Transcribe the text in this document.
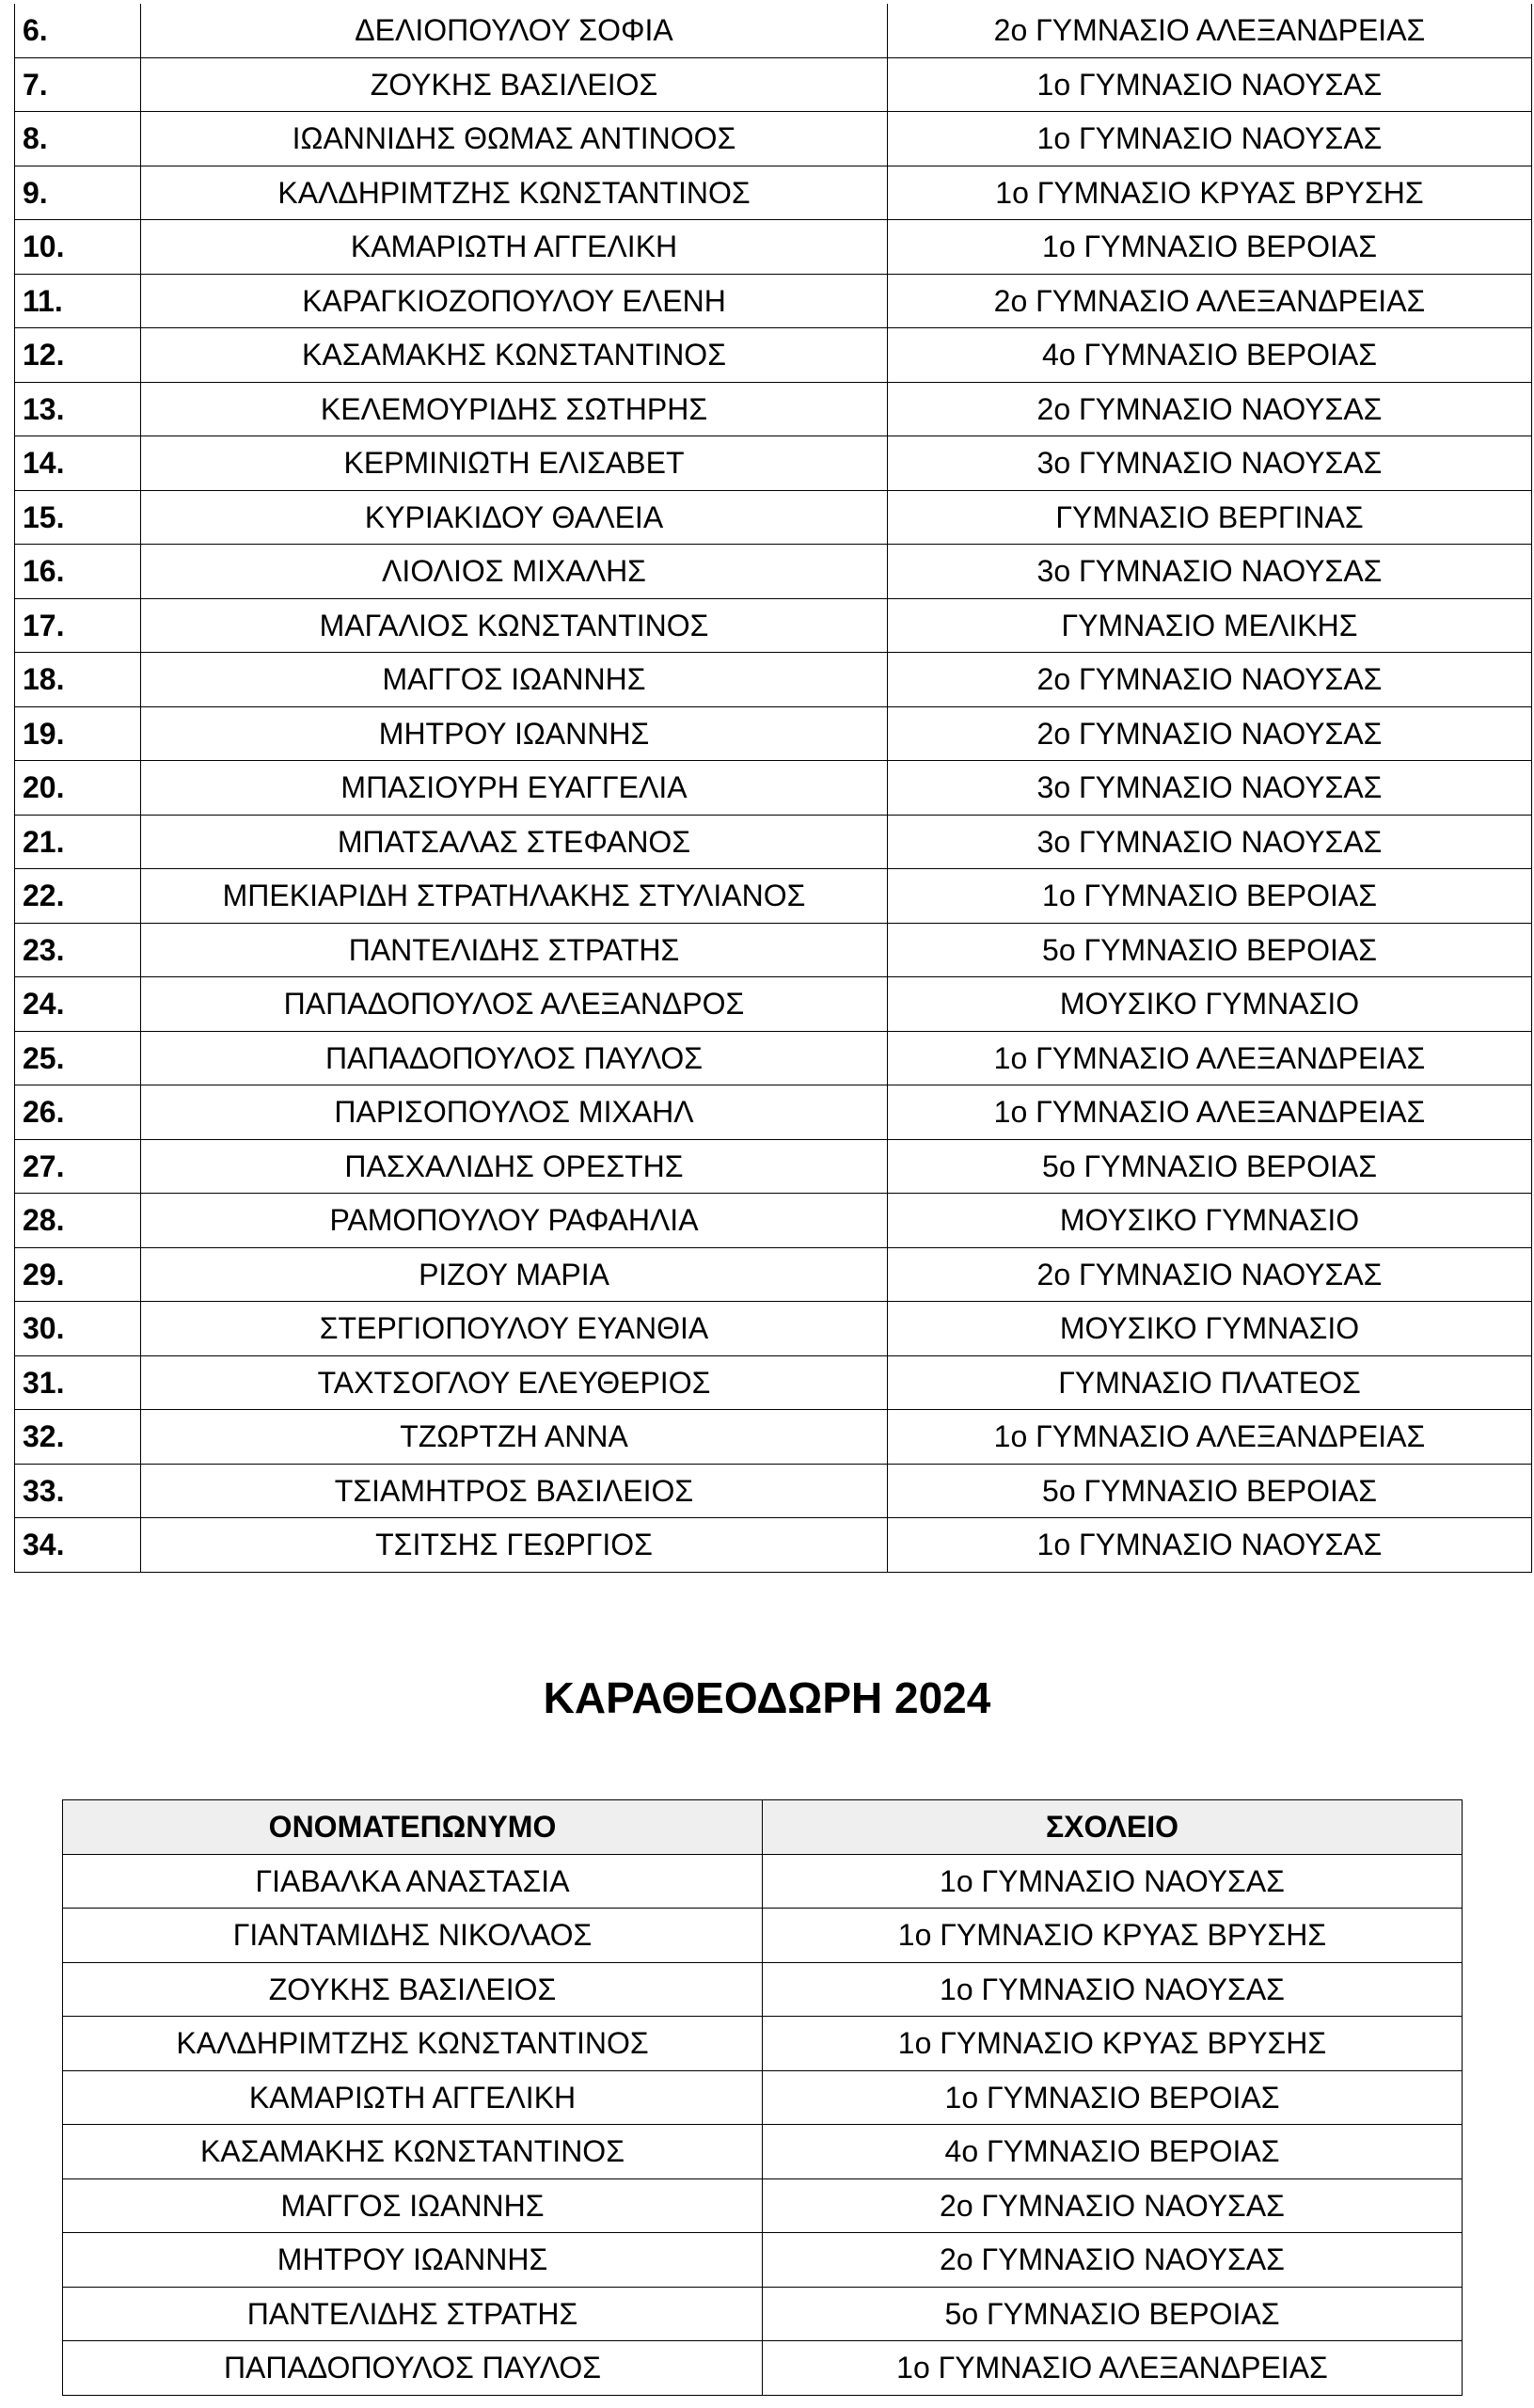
6.	ΔΕΛΙΟΠΟΥΛΟΥ ΣΟΦΙΑ	2ο ΓΥΜΝΑΣΙΟ ΑΛΕΞΑΝΔΡΕΙΑΣ
7.	ΖΟΥΚΗΣ ΒΑΣΙΛΕΙΟΣ	1ο ΓΥΜΝΑΣΙΟ ΝΑΟΥΣΑΣ
8.	ΙΩΑΝΝΙΔΗΣ ΘΩΜΑΣ ΑΝΤΙΝΟΟΣ	1ο ΓΥΜΝΑΣΙΟ ΝΑΟΥΣΑΣ
9.	ΚΑΛΔΗΡΙΜΤΖΗΣ ΚΩΝΣΤΑΝΤΙΝΟΣ	1ο ΓΥΜΝΑΣΙΟ ΚΡΥΑΣ ΒΡΥΣΗΣ
10.	ΚΑΜΑΡΙΩΤΗ ΑΓΓΕΛΙΚΗ	1ο ΓΥΜΝΑΣΙΟ ΒΕΡΟΙΑΣ
11.	ΚΑΡΑΓΚΙΟΖΟΠΟΥΛΟΥ ΕΛΕΝΗ	2ο ΓΥΜΝΑΣΙΟ ΑΛΕΞΑΝΔΡΕΙΑΣ
12.	ΚΑΣΑΜΑΚΗΣ ΚΩΝΣΤΑΝΤΙΝΟΣ	4ο ΓΥΜΝΑΣΙΟ ΒΕΡΟΙΑΣ
13.	ΚΕΛΕΜΟΥΡΙΔΗΣ ΣΩΤΗΡΗΣ	2ο ΓΥΜΝΑΣΙΟ ΝΑΟΥΣΑΣ
14.	ΚΕΡΜΙΝΙΩΤΗ ΕΛΙΣΑΒΕΤ	3ο ΓΥΜΝΑΣΙΟ ΝΑΟΥΣΑΣ
15.	ΚΥΡΙΑΚΙΔΟΥ ΘΑΛΕΙΑ	ΓΥΜΝΑΣΙΟ ΒΕΡΓΙΝΑΣ
16.	ΛΙΟΛΙΟΣ ΜΙΧΑΛΗΣ	3ο ΓΥΜΝΑΣΙΟ ΝΑΟΥΣΑΣ
17.	ΜΑΓΑΛΙΟΣ ΚΩΝΣΤΑΝΤΙΝΟΣ	ΓΥΜΝΑΣΙΟ ΜΕΛΙΚΗΣ
18.	ΜΑΓΓΟΣ ΙΩΑΝΝΗΣ	2ο ΓΥΜΝΑΣΙΟ ΝΑΟΥΣΑΣ
19.	ΜΗΤΡΟΥ ΙΩΑΝΝΗΣ	2ο ΓΥΜΝΑΣΙΟ ΝΑΟΥΣΑΣ
20.	ΜΠΑΣΙΟΥΡΗ ΕΥΑΓΓΕΛΙΑ	3ο ΓΥΜΝΑΣΙΟ ΝΑΟΥΣΑΣ
21.	ΜΠΑΤΣΑΛΑΣ ΣΤΕΦΑΝΟΣ	3ο ΓΥΜΝΑΣΙΟ ΝΑΟΥΣΑΣ
22.	ΜΠΕΚΙΑΡΙΔΗ ΣΤΡΑΤΗΛΑΚΗΣ ΣΤΥΛΙΑΝΟΣ	1ο ΓΥΜΝΑΣΙΟ ΒΕΡΟΙΑΣ
23.	ΠΑΝΤΕΛΙΔΗΣ ΣΤΡΑΤΗΣ	5ο ΓΥΜΝΑΣΙΟ ΒΕΡΟΙΑΣ
24.	ΠΑΠΑΔΟΠΟΥΛΟΣ ΑΛΕΞΑΝΔΡΟΣ	ΜΟΥΣΙΚΟ ΓΥΜΝΑΣΙΟ
25.	ΠΑΠΑΔΟΠΟΥΛΟΣ ΠΑΥΛΟΣ	1ο ΓΥΜΝΑΣΙΟ ΑΛΕΞΑΝΔΡΕΙΑΣ
26.	ΠΑΡΙΣΟΠΟΥΛΟΣ ΜΙΧΑΗΛ	1ο ΓΥΜΝΑΣΙΟ ΑΛΕΞΑΝΔΡΕΙΑΣ
27.	ΠΑΣΧΑΛΙΔΗΣ ΟΡΕΣΤΗΣ	5ο ΓΥΜΝΑΣΙΟ ΒΕΡΟΙΑΣ
28.	ΡΑΜΟΠΟΥΛΟΥ ΡΑΦΑΗΛΙΑ	ΜΟΥΣΙΚΟ ΓΥΜΝΑΣΙΟ
29.	ΡΙΖΟΥ ΜΑΡΙΑ	2ο ΓΥΜΝΑΣΙΟ ΝΑΟΥΣΑΣ
30.	ΣΤΕΡΓΙΟΠΟΥΛΟΥ ΕΥΑΝΘΙΑ	ΜΟΥΣΙΚΟ ΓΥΜΝΑΣΙΟ
31.	ΤΑΧΤΣΟΓΛΟΥ ΕΛΕΥΘΕΡΙΟΣ	ΓΥΜΝΑΣΙΟ ΠΛΑΤΕΟΣ
32.	ΤΖΩΡΤΖΗ ΑΝΝΑ	1ο ΓΥΜΝΑΣΙΟ ΑΛΕΞΑΝΔΡΕΙΑΣ
33.	ΤΣΙΑΜΗΤΡΟΣ ΒΑΣΙΛΕΙΟΣ	5ο ΓΥΜΝΑΣΙΟ ΒΕΡΟΙΑΣ
34.	ΤΣΙΤΣΗΣ ΓΕΩΡΓΙΟΣ	1ο ΓΥΜΝΑΣΙΟ ΝΑΟΥΣΑΣ
ΚΑΡΑΘΕΟΔΩΡΗ 2024
ΟΝΟΜΑΤΕΠΩΝΥΜΟ	ΣΧΟΛΕΙΟ
ΓΙΑΒΑΛΚΑ ΑΝΑΣΤΑΣΙΑ	1ο ΓΥΜΝΑΣΙΟ ΝΑΟΥΣΑΣ
ΓΙΑΝΤΑΜΙΔΗΣ ΝΙΚΟΛΑΟΣ	1ο ΓΥΜΝΑΣΙΟ ΚΡΥΑΣ ΒΡΥΣΗΣ
ΖΟΥΚΗΣ ΒΑΣΙΛΕΙΟΣ	1ο ΓΥΜΝΑΣΙΟ ΝΑΟΥΣΑΣ
ΚΑΛΔΗΡΙΜΤΖΗΣ ΚΩΝΣΤΑΝΤΙΝΟΣ	1ο ΓΥΜΝΑΣΙΟ ΚΡΥΑΣ ΒΡΥΣΗΣ
ΚΑΜΑΡΙΩΤΗ ΑΓΓΕΛΙΚΗ	1ο ΓΥΜΝΑΣΙΟ ΒΕΡΟΙΑΣ
ΚΑΣΑΜΑΚΗΣ ΚΩΝΣΤΑΝΤΙΝΟΣ	4ο ΓΥΜΝΑΣΙΟ ΒΕΡΟΙΑΣ
ΜΑΓΓΟΣ ΙΩΑΝΝΗΣ	2ο ΓΥΜΝΑΣΙΟ ΝΑΟΥΣΑΣ
ΜΗΤΡΟΥ ΙΩΑΝΝΗΣ	2ο ΓΥΜΝΑΣΙΟ ΝΑΟΥΣΑΣ
ΠΑΝΤΕΛΙΔΗΣ ΣΤΡΑΤΗΣ	5ο ΓΥΜΝΑΣΙΟ ΒΕΡΟΙΑΣ
ΠΑΠΑΔΟΠΟΥΛΟΣ ΠΑΥΛΟΣ	1ο ΓΥΜΝΑΣΙΟ ΑΛΕΞΑΝΔΡΕΙΑΣ
